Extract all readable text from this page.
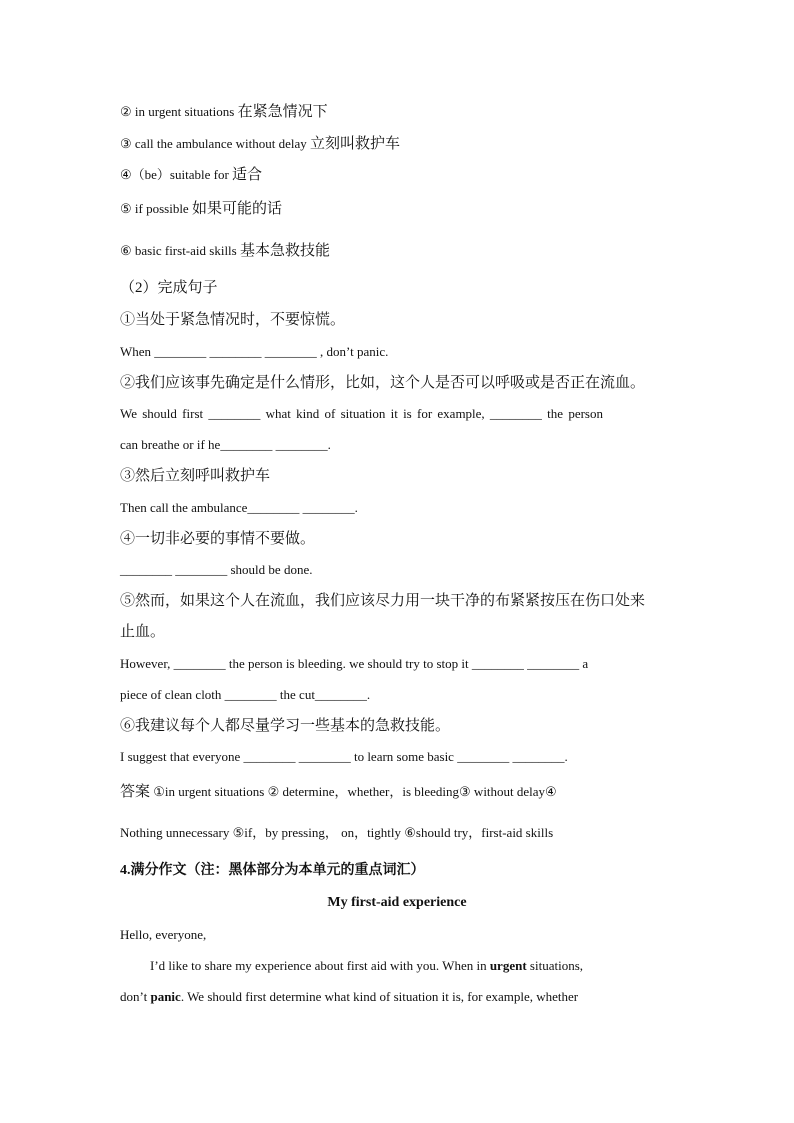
② in urgent situations 在紧急情况下
③ call the ambulance without delay 立刻叫救护车
④（be）suitable for 适合
⑤ if possible 如果可能的话
⑥ basic first-aid skills 基本急救技能
（2）完成句子
①当处于紧急情况时，不要惊慌。
When ________ ________ ________ , don’t panic.
②我们应该事先确定是什么情形，比如，这个人是否可以呼吸或是否正在流血。
We should first ________ what kind of situation it is for example, ________ the person
can breathe or if he________ ________.
③然后立刻呼叫救护车
Then call the ambulance________ ________.
④一切非必要的事情不要做。
________ ________ should be done.
⑤然而，如果这个人在流血，我们应该尽力用一块干净的布紧紧按压在伤口处来
止血。
However, ________ the person is bleeding. we should try to stop it ________ ________ a
piece of clean cloth ________ the cut________.
⑥我建议每个人都尽量学习一些基本的急救技能。
I suggest that everyone ________ ________ to learn some basic ________ ________.
答案 ①in urgent situations ② determine，whether，is bleeding③ without delay④
Nothing unnecessary ⑤if，by pressing， on，tightly ⑥should try，first-aid skills
4.满分作文（注：黑体部分为本单元的重点词汇）
My first-aid experience
Hello, everyone,
I’d like to share my experience about first aid with you. When in urgent situations,
don’t panic. We should first determine what kind of situation it is, for example, whether
